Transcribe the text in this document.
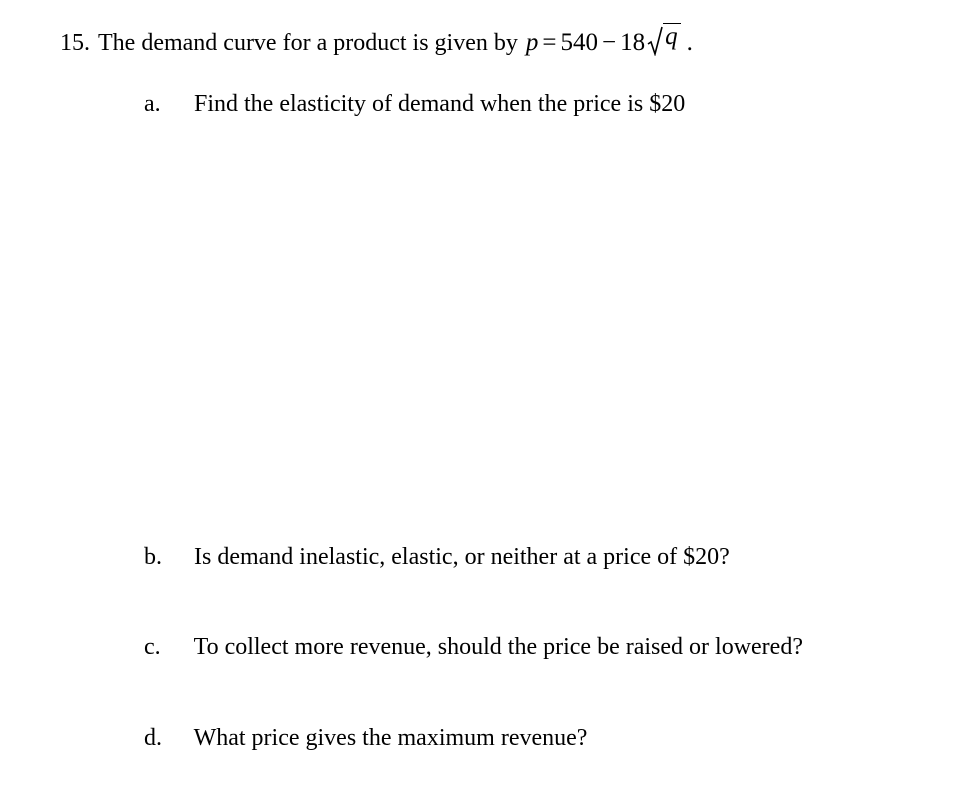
15. The demand curve for a product is given by p = 540 − 18 q .
a. Find the elasticity of demand when the price is $20
b. Is demand inelastic, elastic, or neither at a price of $20?
c. To collect more revenue, should the price be raised or lowered?
d. What price gives the maximum revenue?
